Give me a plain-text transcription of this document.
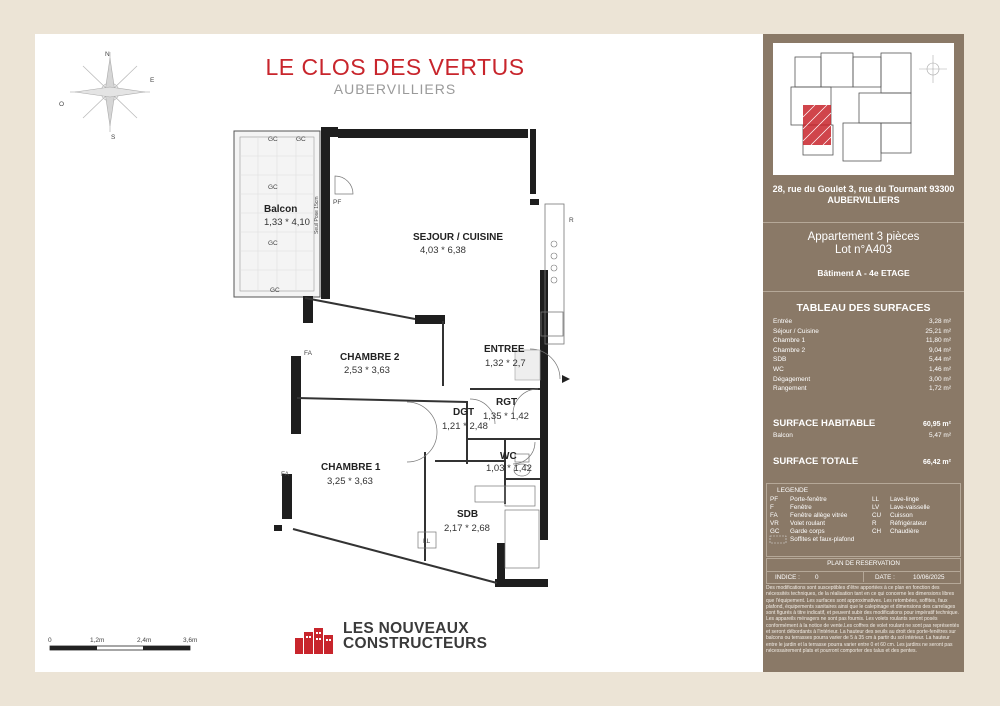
LE CLOS DES VERTUS
AUBERVILLIERS
N
E
S
O
Balcon
1,33 * 4,10
SEJOUR / CUISINE
4,03 * 6,38
CHAMBRE 2
2,53 * 3,63
ENTREE
1,32 * 2,7
RGT
1,35 * 1,42
DGT
1,21 * 2,48
WC
1,03 * 1,42
CHAMBRE 1
3,25 * 3,63
SDB
2,17 * 2,68
GC	GC
GC
GC
GC
PF
FA
FA
R
LL
Seuil Pose 15cm
0	1,2m	2,4m	3,6m
LES NOUVEAUX
CONSTRUCTEURS
28, rue du Goulet 3, rue du Tournant 93300 AUBERVILLIERS
Appartement 3 pièces
Lot n°A403
Bâtiment A - 4e ETAGE
TABLEAU DES SURFACES
Entrée	3,28 m²
Séjour / Cuisine	25,21 m²
Chambre 1	11,80 m²
Chambre 2	9,04 m²
SDB	5,44 m²
WC	1,46 m²
Dégagement	3,00 m²
Rangement	1,72 m²
SURFACE HABITABLE	60,95 m²
Balcon	5,47 m²
SURFACE TOTALE	66,42 m²
LEGENDE
PF	Porte-fenêtre	LL	Lave-linge
F	Fenêtre	LV	Lave-vaisselle
FA	Fenêtre allège vitrée	CU	Cuisson
VR	Volet roulant	R	Réfrigérateur
GC	Garde corps	CH	Chaudière
Soffites et faux-plafond
PLAN DE RESERVATION
INDICE : 0	DATE :	10/06/2025
Des modifications sont susceptibles d'être apportées à ce plan en fonction des nécessités techniques, de la réalisation tant en ce qui concerne les dimensions libres que l'équipement. Les surfaces sont approximatives. Les retombées, soffites, faux plafond, équipements sanitaires ainsi que le calepinage et dimensions des carrelages sont figurés à titre indicatif, et peuvent subir des modifications pour impératif technique. Les appareils ménagers ne sont pas fournis. Les volets roulants seront posés conformément à la notice de vente.Les coffres de volet roulant ne sont pas représentés et seront débordants à l'intérieur. La hauteur des seuils au droit des porte-fenêtres sur balcons ou terrasses pourra varier de 5 à 35 cm à partir du sol intérieur. La hauteur entre le jardin et la terrasse pourra varier entre 0 et 60 cm. Les jardins ne seront pas nécessairement plats et pourront comporter des talus et des pentes.
